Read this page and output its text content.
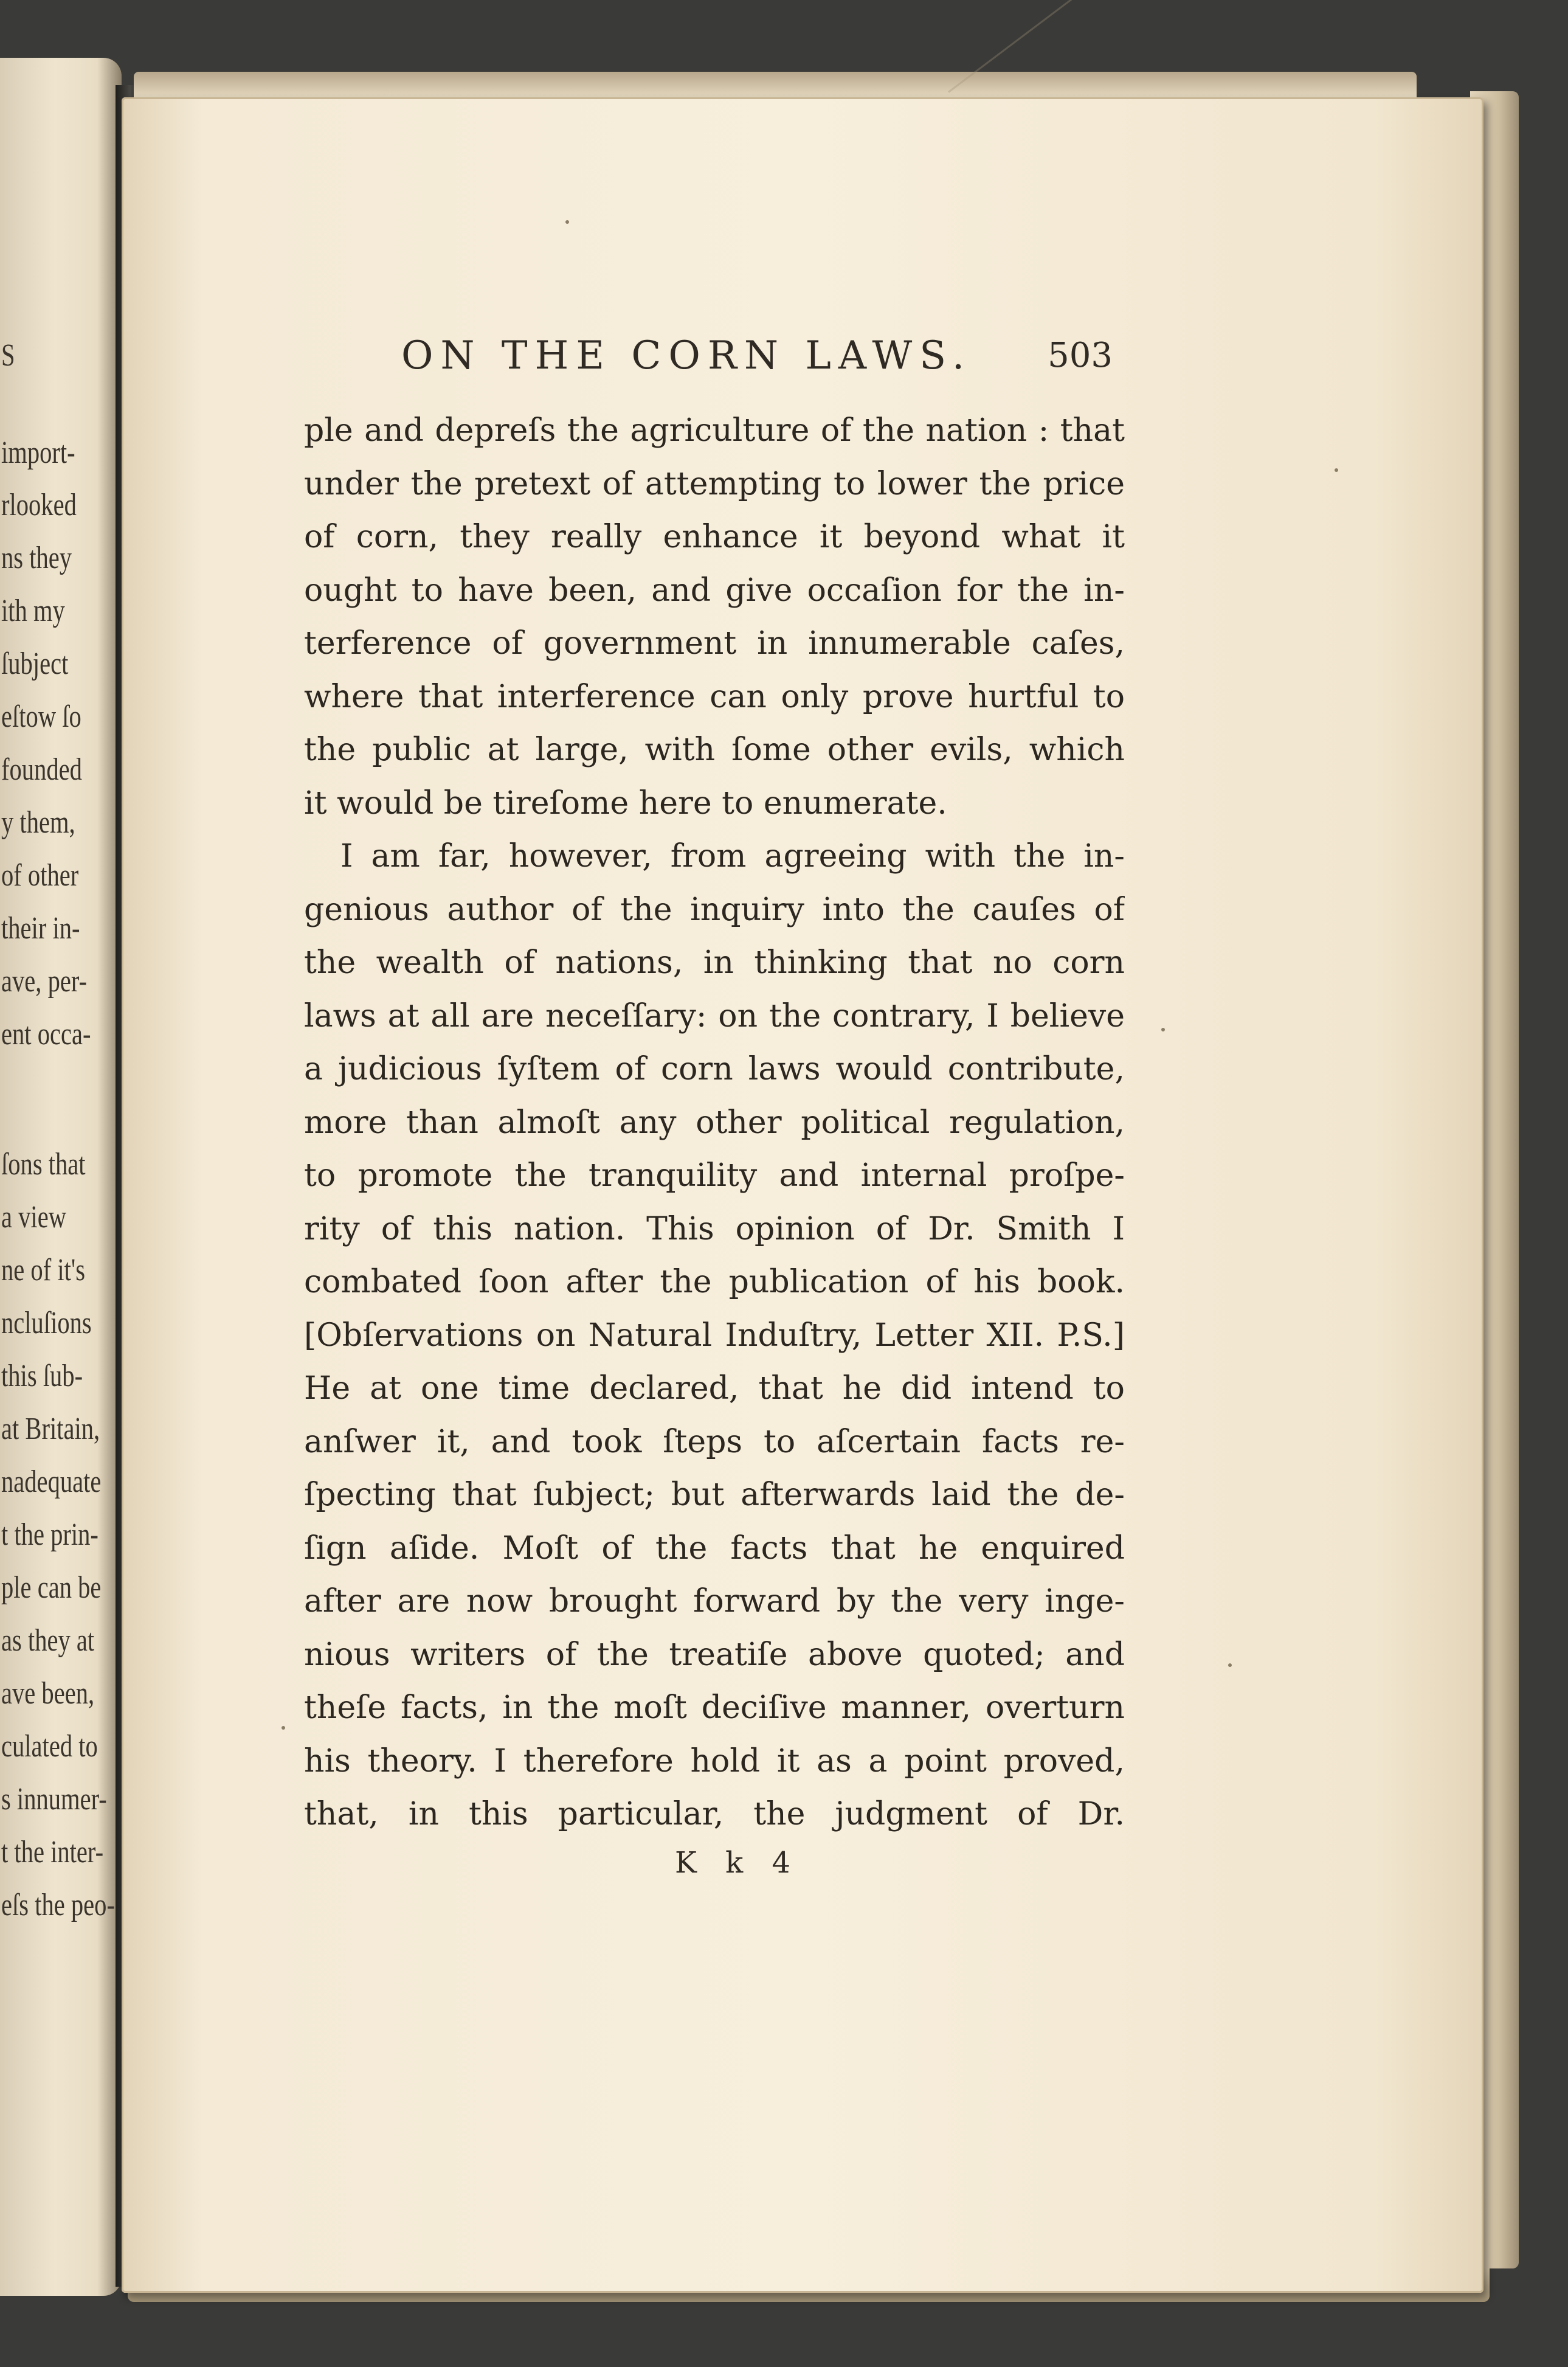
S
import-
rlooked
ns they
ith my
ſubject
eſtow ſo
founded
y them,
of other
their in-
ave, per-
ent occa-
ſons that
a view
ne of it's
ncluſions
this ſub-
at Britain,
nadequate
t the prin-
ple can be
as they at
ave been,
culated to
s innumer-
t the inter-
eſs the peo-
ON THE CORN LAWS. 503
ple and depreſs the agriculture of the nation : that
under the pretext of attempting to lower the price
of corn, they really enhance it beyond what it
ought to have been, and give occaſion for the in-
terference of government in innumerable caſes,
where that interference can only prove hurtful to
the public at large, with ſome other evils, which
it would be tireſome here to enumerate.
I am far, however, from agreeing with the in-
genious author of the inquiry into the cauſes of
the wealth of nations, in thinking that no corn
laws at all are neceſſary: on the contrary, I believe
a judicious ſyſtem of corn laws would contribute,
more than almoſt any other political regulation,
to promote the tranquility and internal proſpe-
rity of this nation. This opinion of Dr. Smith I
combated ſoon after the publication of his book.
[Obſervations on Natural Induſtry, Letter XII. P.S.]
He at one time declared, that he did intend to
anſwer it, and took ſteps to aſcertain facts re-
ſpecting that ſubject; but afterwards laid the de-
ſign aſide. Moſt of the facts that he enquired
after are now brought forward by the very inge-
nious writers of the treatiſe above quoted; and
theſe facts, in the moſt deciſive manner, overturn
his theory. I therefore hold it as a point proved,
that, in this particular, the judgment of Dr.
K k 4
